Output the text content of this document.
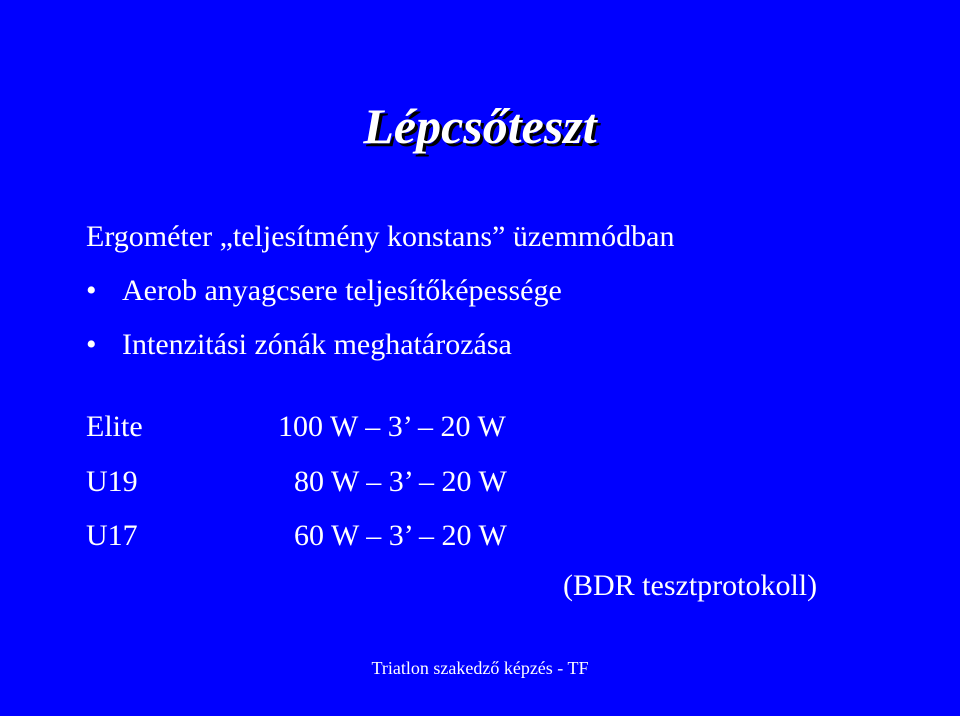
Lépcsőteszt
Ergométer „teljesítmény konstans” üzemmódban
• Aerob anyagcsere teljesítőképessége
• Intenzitási zónák meghatározása
Elite	100 W – 3’ – 20 W
U19	80 W – 3’ – 20 W
U17	60 W – 3’ – 20 W
(BDR tesztprotokoll)
Triatlon szakedző képzés - TF
